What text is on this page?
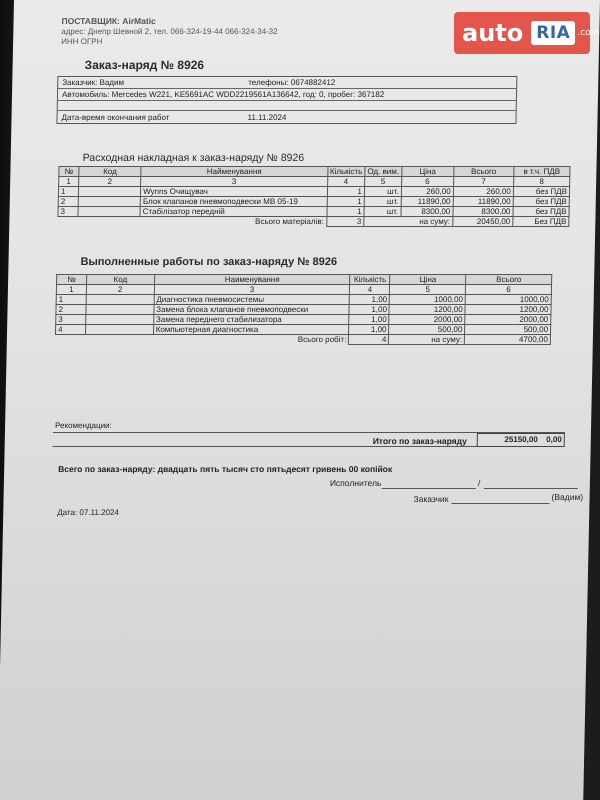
ПОСТАВЩИК: AirMatic
адрес: Днепр Шевной 2, тел. 066-324-19-44 066-324-34-32
ИНН ОГРН
Заказ-наряд № 8926
Заказчик: Вадим	телефоны: 0674882412
Автомобиль: Mercedes W221, KE5691AC WDD2219561A136642, год: 0, пробег: 367182
Дата-время окончания работ	11.11.2024
Расходная накладная к заказ-наряду № 8926
№	Код	Найменування	Кількість	Од. вим.	Ціна	Всього	в т.ч. ПДВ
1	2	3	4	5	6	7	8
1		Wynns Очищувач	1	шт.	260,00	260,00	без ПДВ
2		Блок клапанов пневмоподвески MB 05-19	1	шт.	11890,00	11890,00	без ПДВ
3		Стабілізатор передній	1	шт.	8300,00	8300,00	без ПДВ
Всього матеріалів:			3	на суму:		20450,00	Без ПДВ
Выполненные работы по заказ-наряду № 8926
№	Код	Наименування	Кількість	Ціна	Всього
1	2	3	4	5	6
1		Диагностика пневмосистемы	1,00	1000,00	1000,00
2		Замена блока клапанов пневмоподвески	1,00	1200,00	1200,00
3		Замена переднего стабилизатора	1,00	2000,00	2000,00
4		Компьютерная диагностика	1,00	500,00	500,00
Всього робіт:			4	на суму:	4700,00
Рекомендации:
Итого по заказ-наряду	25150,00 0,00
Всего по заказ-наряду: двадцать пять тысяч сто пятьдесят гривень 00 копійок
Исполнитель	/
Заказчик	(Вадим)
Дата: 07.11.2024
auto RIA .com
